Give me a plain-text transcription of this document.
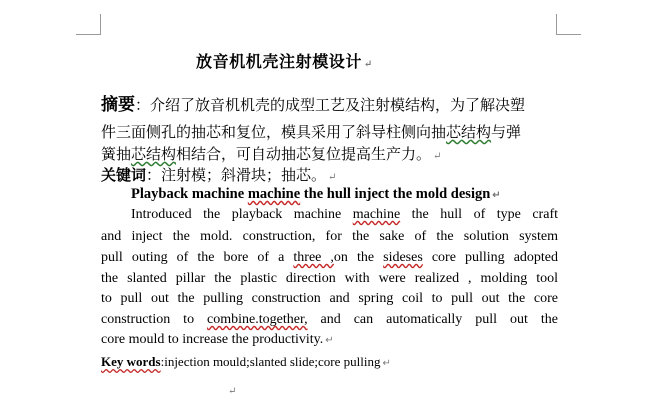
放音机机壳注射模设计 ↵
摘要：介绍了放音机机壳的成型工艺及注射模结构，为了解决塑
件三面侧孔的抽芯和复位，模具采用了斜导柱侧向抽芯结构与弹
簧抽芯结构相结合，可自动抽芯复位提高生产力。 ↵
关键词：注射模；斜滑块；抽芯。 ↵
Playback machine machine the hull inject the mold design ↵
Introduced the playback machine machine the hull of type craft
and inject the mold. construction, for the sake of the solution system
pull outing of the bore of a three ,on the sideses core pulling adopted
the slanted pillar the plastic direction with were realized , molding tool
to pull out the pulling construction and spring coil to pull out the core
construction to combine.together, and can automatically pull out the
core mould to increase the productivity. ↵
Key words:injection mould;slanted slide;core pulling ↵
↵
